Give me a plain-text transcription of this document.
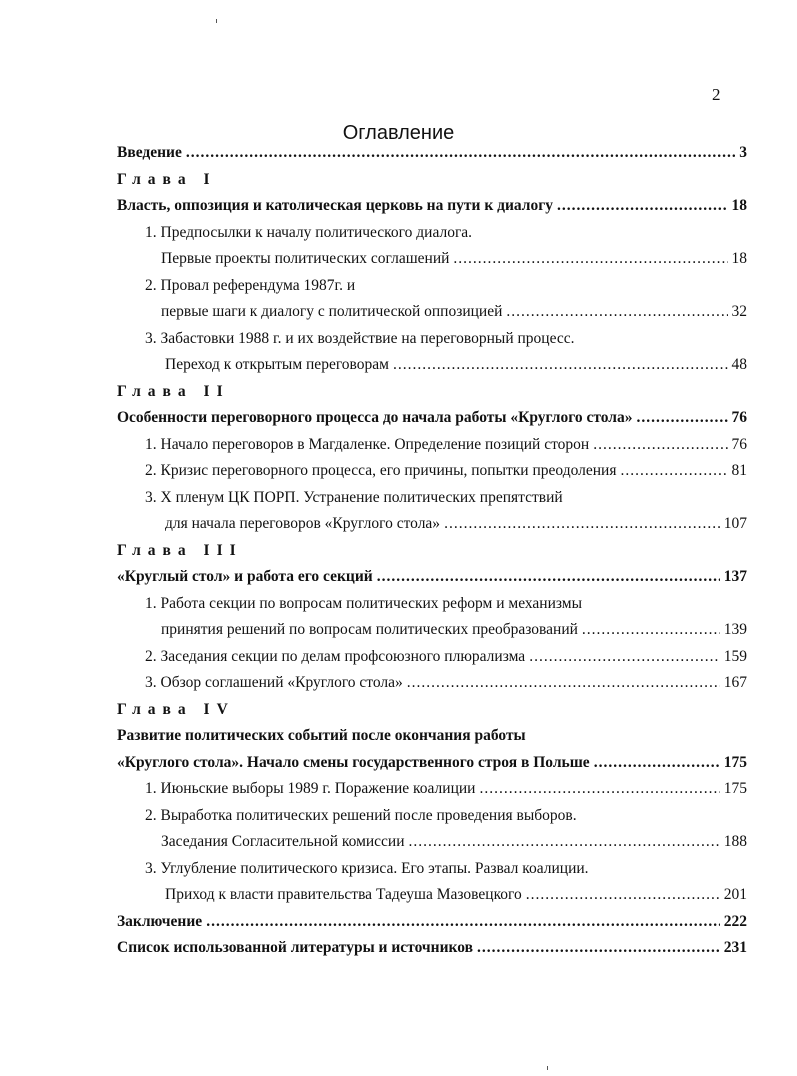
2
Оглавление
Введение .....	3
Глава I
Власть, оппозиция и католическая церковь на пути к диалогу .....	18
1. Предпосылки к началу политического диалога.
Первые проекты политических соглашений .....	18
2. Провал референдума 1987г. и
первые шаги к диалогу с политической оппозицией .....	32
3. Забастовки 1988 г. и их воздействие на переговорный процесс.
Переход к открытым переговорам .....	48
Глава II
Особенности переговорного процесса до начала работы «Круглого стола» .....	76
1. Начало переговоров в Магдаленке. Определение позиций сторон .....	76
2. Кризис переговорного процесса, его причины, попытки преодоления .....	81
3. X пленум ЦК ПОРП. Устранение политических препятствий
для начала переговоров «Круглого стола» .....	107
Глава III
«Круглый стол» и работа его секций .....	137
1. Работа секции по вопросам политических реформ и механизмы
принятия решений по вопросам политических преобразований .....	139
2. Заседания секции по делам профсоюзного плюрализма .....	159
3. Обзор соглашений «Круглого стола» .....	167
Глава IV
Развитие политических событий после окончания работы
«Круглого стола». Начало смены государственного строя в Польше .....	175
1. Июньские выборы 1989 г. Поражение коалиции .....	175
2. Выработка политических решений после проведения выборов.
Заседания Согласительной комиссии .....	188
3. Углубление политического кризиса. Его этапы. Развал коалиции.
Приход к власти правительства Тадеуша Мазовецкого .....	201
Заключение .....	222
Список использованной литературы и источников .....	231
